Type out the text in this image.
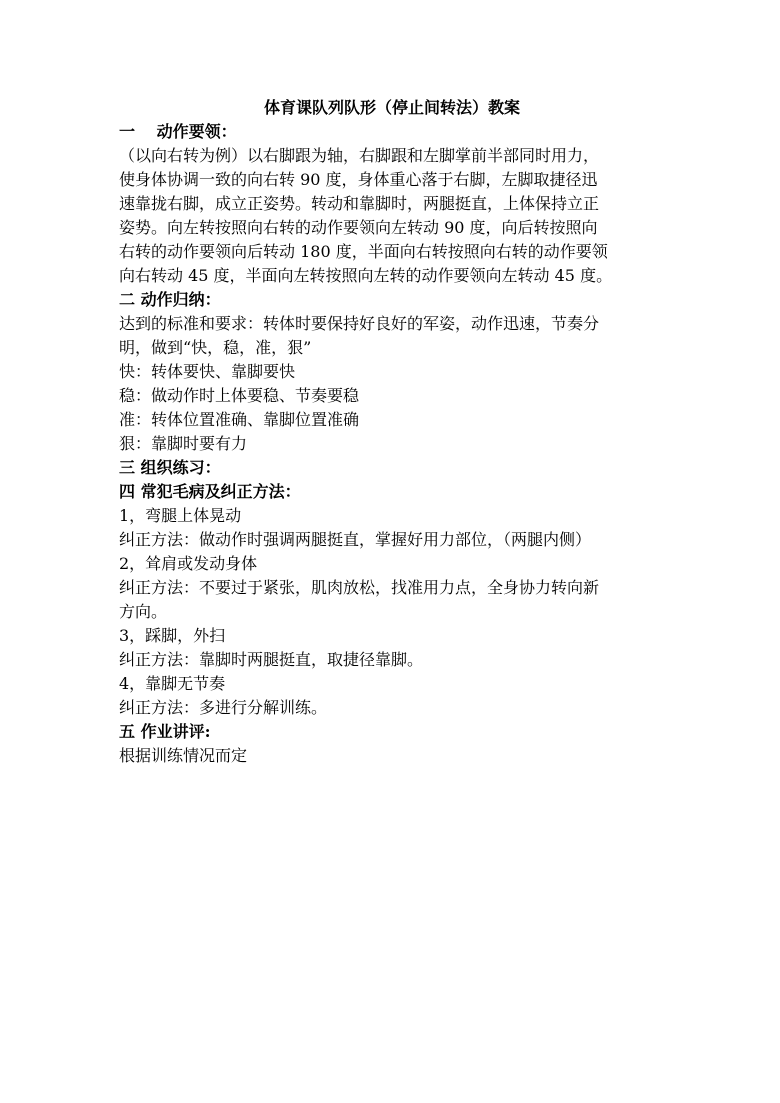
体育课队列队形（停止间转法）教案

一　 动作要领：

（以向右转为例）以右脚跟为轴，右脚跟和左脚掌前半部同时用力，
使身体协调一致的向右转 90 度，身体重心落于右脚，左脚取捷径迅
速靠拢右脚，成立正姿势。转动和靠脚时，两腿挺直，上体保持立正
姿势。向左转按照向右转的动作要领向左转动 90 度，向后转按照向
右转的动作要领向后转动 180 度，半面向右转按照向右转的动作要领
向右转动 45 度，半面向左转按照向左转的动作要领向左转动 45 度。

二 动作归纳：

达到的标准和要求：转体时要保持好良好的军姿，动作迅速，节奏分
明，做到“快，稳，准，狠”
快：转体要快、靠脚要快
稳：做动作时上体要稳、节奏要稳
准：转体位置准确、靠脚位置准确
狠：靠脚时要有力

三 组织练习：

四 常犯毛病及纠正方法：

1，弯腿上体晃动
纠正方法：做动作时强调两腿挺直，掌握好用力部位，（两腿内侧）
2，耸肩或发动身体
纠正方法：不要过于紧张，肌肉放松，找准用力点，全身协力转向新
方向。
3，踩脚，外扫
纠正方法：靠脚时两腿挺直，取捷径靠脚。
4，靠脚无节奏
纠正方法：多进行分解训练。

五 作业讲评:

根据训练情况而定
